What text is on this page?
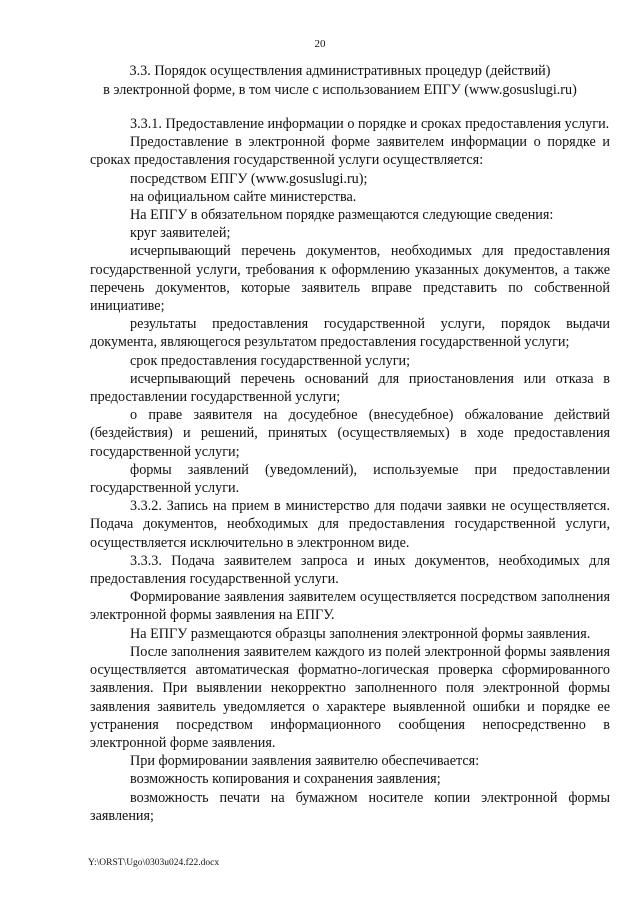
20
3.3. Порядок осуществления административных процедур (действий)
в электронной форме, в том числе с использованием ЕПГУ (www.gosuslugi.ru)

3.3.1. Предоставление информации о порядке и сроках предоставления услуги.

Предоставление в электронной форме заявителем информации о порядке и сроках предоставления государственной услуги осуществляется:

посредством ЕПГУ (www.gosuslugi.ru);

на официальном сайте министерства.

На ЕПГУ в обязательном порядке размещаются следующие сведения:

круг заявителей;

исчерпывающий перечень документов, необходимых для предоставления государственной услуги, требования к оформлению указанных документов, а также перечень документов, которые заявитель вправе представить по собственной инициативе;

результаты предоставления государственной услуги, порядок выдачи документа, являющегося результатом предоставления государственной услуги;

срок предоставления государственной услуги;

исчерпывающий перечень оснований для приостановления или отказа в предоставлении государственной услуги;

о праве заявителя на досудебное (внесудебное) обжалование действий (бездействия) и решений, принятых (осуществляемых) в ходе предоставления государственной услуги;

формы заявлений (уведомлений), используемые при предоставлении государственной услуги.

3.3.2. Запись на прием в министерство для подачи заявки не осуществляется. Подача документов, необходимых для предоставления государственной услуги, осуществляется исключительно в электронном виде.

3.3.3. Подача заявителем запроса и иных документов, необходимых для предоставления государственной услуги.

Формирование заявления заявителем осуществляется посредством заполнения электронной формы заявления на ЕПГУ.

На ЕПГУ размещаются образцы заполнения электронной формы заявления.

После заполнения заявителем каждого из полей электронной формы заявления осуществляется автоматическая форматно-логическая проверка сформированного заявления. При выявлении некорректно заполненного поля электронной формы заявления заявитель уведомляется о характере выявленной ошибки и порядке ее устранения посредством информационного сообщения непосредственно в электронной форме заявления.

При формировании заявления заявителю обеспечивается:

возможность копирования и сохранения заявления;

возможность печати на бумажном носителе копии электронной формы заявления;

Y:\ORST\Ugo\0303u024.f22.docx
